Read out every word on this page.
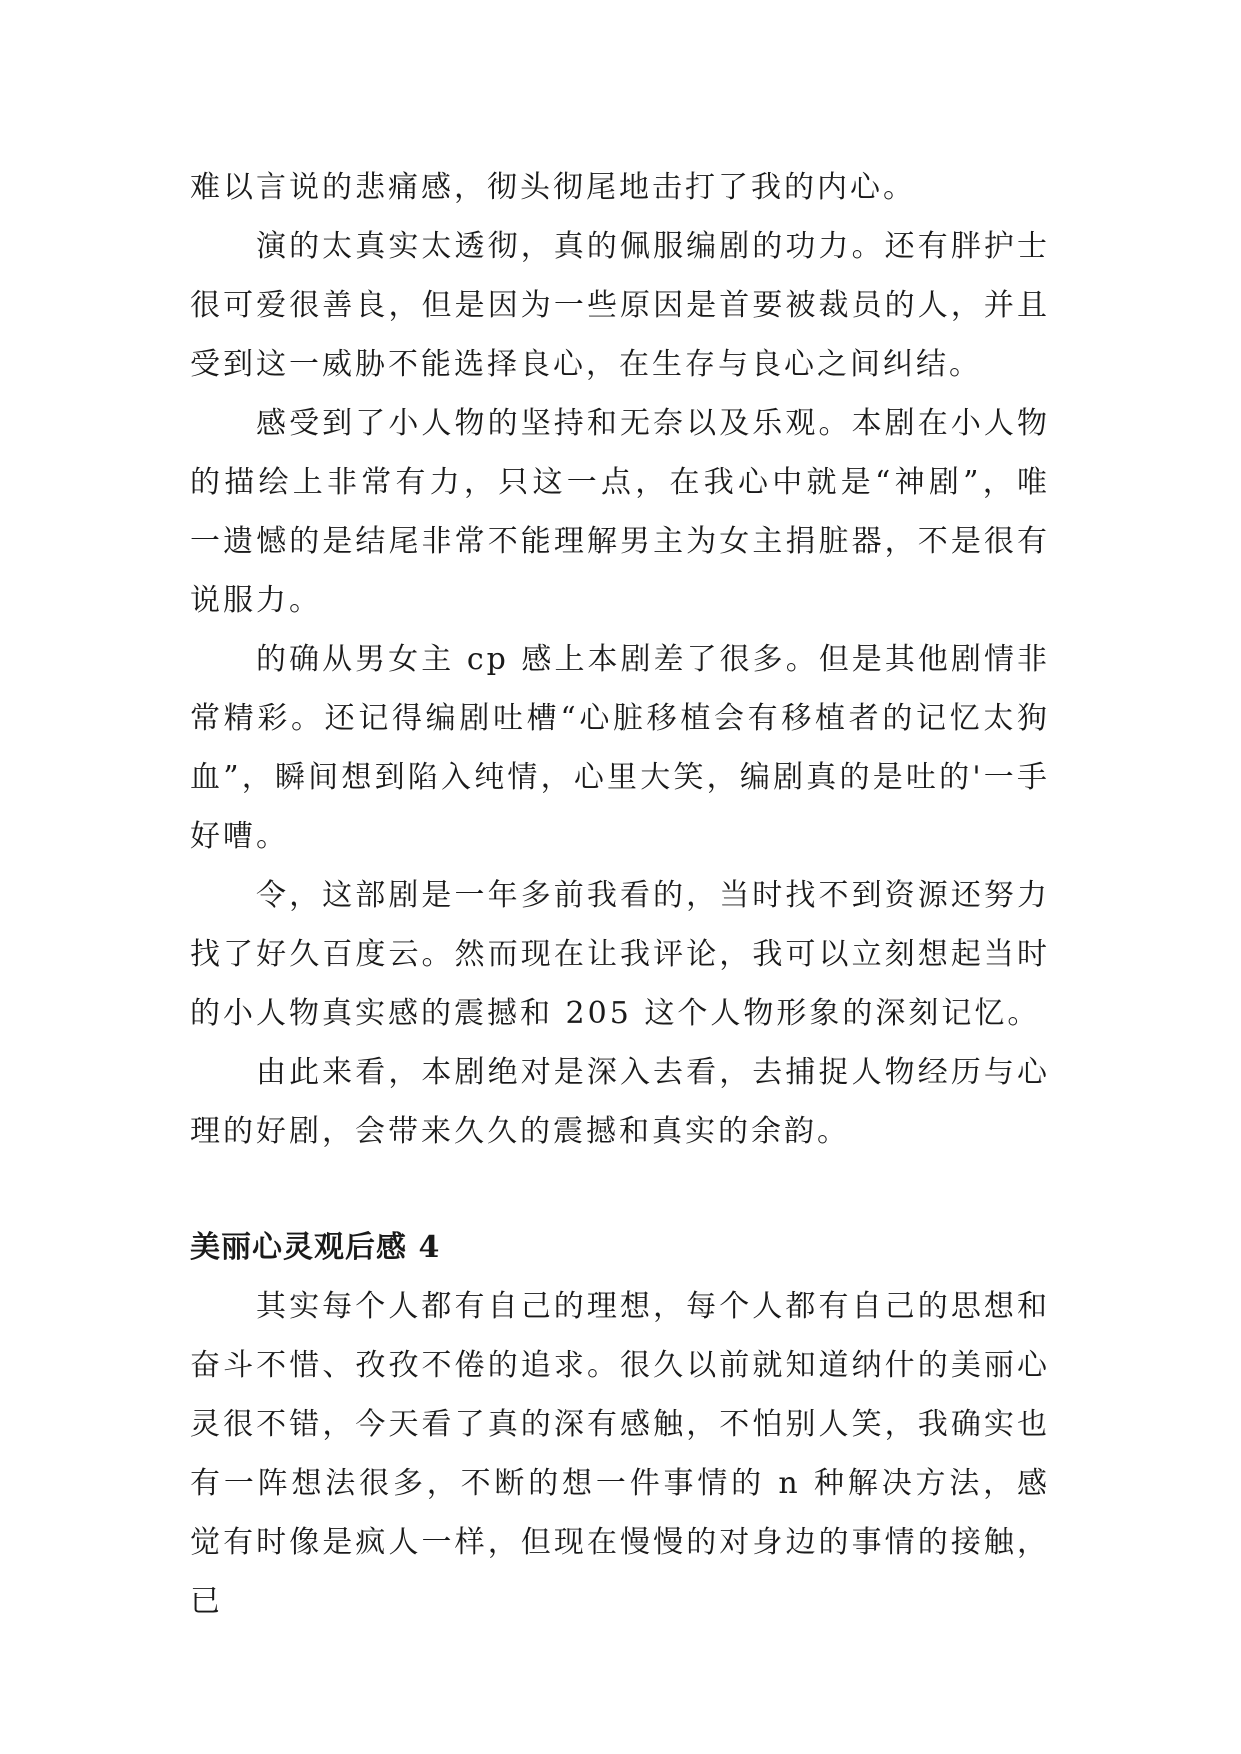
难以言说的悲痛感，彻头彻尾地击打了我的内心。

演的太真实太透彻，真的佩服编剧的功力。还有胖护士很可爱很善良，但是因为一些原因是首要被裁员的人，并且受到这一威胁不能选择良心，在生存与良心之间纠结。

感受到了小人物的坚持和无奈以及乐观。本剧在小人物的描绘上非常有力，只这一点，在我心中就是“神剧”，唯一遗憾的是结尾非常不能理解男主为女主捐脏器，不是很有说服力。

的确从男女主 cp 感上本剧差了很多。但是其他剧情非常精彩。还记得编剧吐槽“心脏移植会有移植者的记忆太狗血”，瞬间想到陷入纯情，心里大笑，编剧真的是吐的'一手好嘈。

令，这部剧是一年多前我看的，当时找不到资源还努力找了好久百度云。然而现在让我评论，我可以立刻想起当时的小人物真实感的震撼和 205 这个人物形象的深刻记忆。

由此来看，本剧绝对是深入去看，去捕捉人物经历与心理的好剧，会带来久久的震撼和真实的余韵。

美丽心灵观后感 4

其实每个人都有自己的理想，每个人都有自己的思想和奋斗不惜、孜孜不倦的追求。很久以前就知道纳什的美丽心灵很不错，今天看了真的深有感触，不怕别人笑，我确实也有一阵想法很多，不断的想一件事情的 n 种解决方法，感觉有时像是疯人一样，但现在慢慢的对身边的事情的接触，已
